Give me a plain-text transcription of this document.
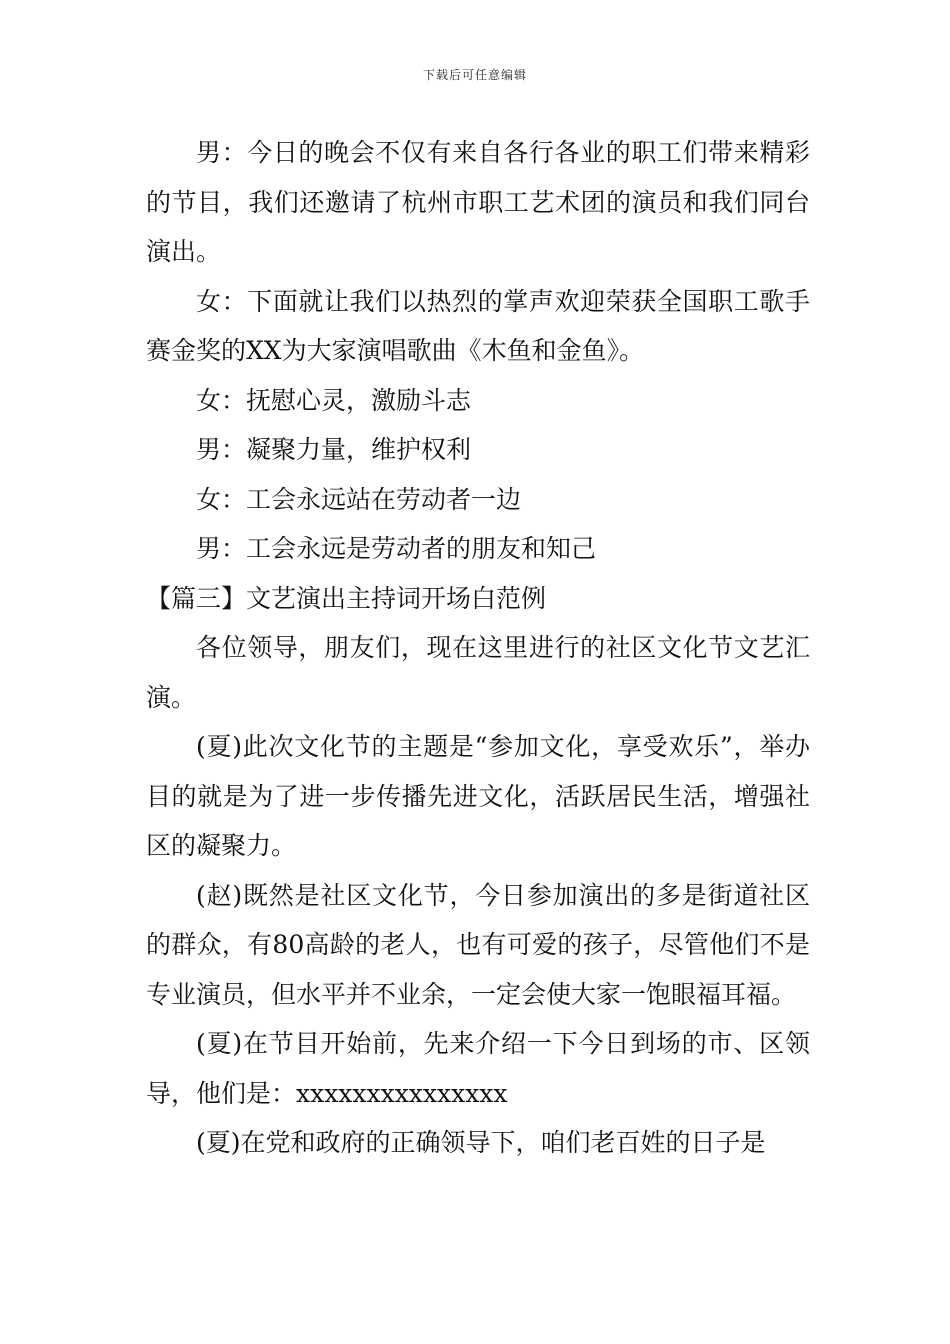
下载后可任意编辑

男：今日的晚会不仅有来自各行各业的职工们带来精彩的节目，我们还邀请了杭州市职工艺术团的演员和我们同台演出。

女：下面就让我们以热烈的掌声欢迎荣获全国职工歌手赛金奖的XX为大家演唱歌曲《木鱼和金鱼》。

女：抚慰心灵，激励斗志

男：凝聚力量，维护权利

女：工会永远站在劳动者一边

男：工会永远是劳动者的朋友和知己

【篇三】文艺演出主持词开场白范例

各位领导，朋友们，现在这里进行的社区文化节文艺汇演。

(夏)此次文化节的主题是“参加文化，享受欢乐”，举办目的就是为了进一步传播先进文化，活跃居民生活，增强社区的凝聚力。

(赵)既然是社区文化节，今日参加演出的多是街道社区的群众，有80高龄的老人，也有可爱的孩子，尽管他们不是专业演员，但水平并不业余，一定会使大家一饱眼福耳福。

(夏)在节目开始前，先来介绍一下今日到场的市、区领导，他们是：xxxxxxxxxxxxxxx

(夏)在党和政府的正确领导下，咱们老百姓的日子是
